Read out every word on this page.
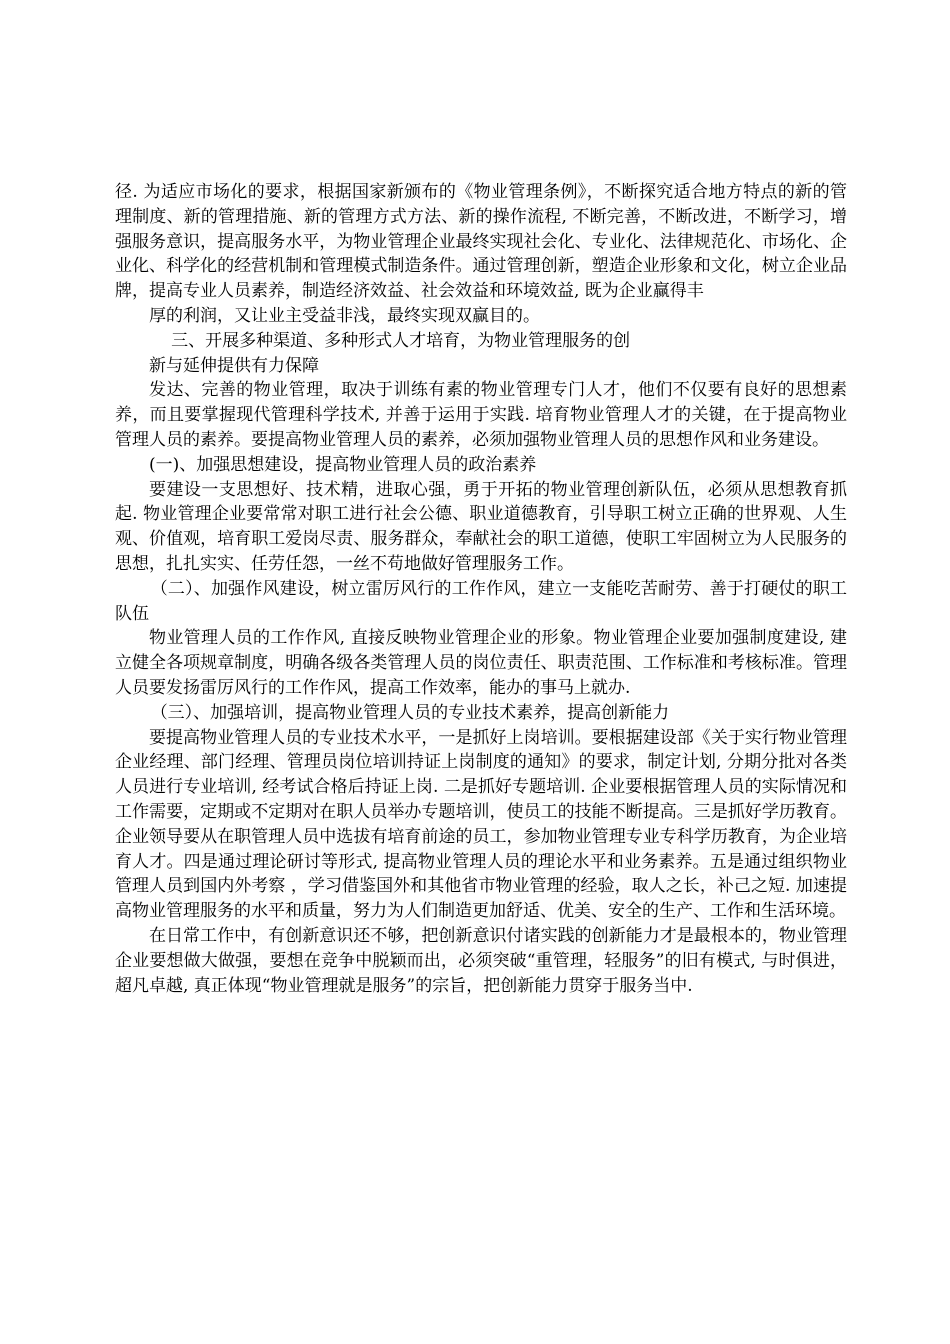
径. 为适应市场化的要求，根据国家新颁布的《物业管理条例》，不断探究适合地方特点的新的管理制度、新的管理措施、新的管理方式方法、新的操作流程, 不断完善，不断改进，不断学习，增强服务意识，提高服务水平，为物业管理企业最终实现社会化、专业化、法律规范化、市场化、企业化、科学化的经营机制和管理模式制造条件。通过管理创新，塑造企业形象和文化，树立企业品牌，提高专业人员素养，制造经济效益、社会效益和环境效益, 既为企业赢得丰

厚的利润，又让业主受益非浅，最终实现双赢目的。

三、开展多种渠道、多种形式人才培育，为物业管理服务的创

新与延伸提供有力保障

发达、完善的物业管理，取决于训练有素的物业管理专门人才，他们不仅要有良好的思想素养，而且要掌握现代管理科学技术, 并善于运用于实践. 培育物业管理人才的关键，在于提高物业管理人员的素养。要提高物业管理人员的素养，必须加强物业管理人员的思想作风和业务建设。

(一)、加强思想建设，提高物业管理人员的政治素养

要建设一支思想好、技术精，进取心强，勇于开拓的物业管理创新队伍，必须从思想教育抓起. 物业管理企业要常常对职工进行社会公德、职业道德教育，引导职工树立正确的世界观、人生观、价值观，培育职工爱岗尽责、服务群众，奉献社会的职工道德，使职工牢固树立为人民服务的思想，扎扎实实、任劳任怨，一丝不苟地做好管理服务工作。

（二）、加强作风建设，树立雷厉风行的工作作风，建立一支能吃苦耐劳、善于打硬仗的职工队伍

物业管理人员的工作作风, 直接反映物业管理企业的形象。物业管理企业要加强制度建设, 建立健全各项规章制度，明确各级各类管理人员的岗位责任、职责范围、工作标准和考核标准。管理人员要发扬雷厉风行的工作作风，提高工作效率，能办的事马上就办.

（三）、加强培训，提高物业管理人员的专业技术素养，提高创新能力

要提高物业管理人员的专业技术水平，一是抓好上岗培训。要根据建设部《关于实行物业管理企业经理、部门经理、管理员岗位培训持证上岗制度的通知》的要求，制定计划, 分期分批对各类人员进行专业培训, 经考试合格后持证上岗. 二是抓好专题培训. 企业要根据管理人员的实际情况和工作需要，定期或不定期对在职人员举办专题培训，使员工的技能不断提高。三是抓好学历教育。企业领导要从在职管理人员中选拔有培育前途的员工，参加物业管理专业专科学历教育，为企业培育人才。四是通过理论研讨等形式, 提高物业管理人员的理论水平和业务素养。五是通过组织物业管理人员到国内外考察 ，学习借鉴国外和其他省市物业管理的经验，取人之长，补己之短. 加速提高物业管理服务的水平和质量，努力为人们制造更加舒适、优美、安全的生产、工作和生活环境。

在日常工作中，有创新意识还不够，把创新意识付诸实践的创新能力才是最根本的，物业管理企业要想做大做强，要想在竞争中脱颖而出，必须突破“重管理，轻服务”的旧有模式, 与时俱进，超凡卓越, 真正体现“物业管理就是服务”的宗旨，把创新能力贯穿于服务当中.
